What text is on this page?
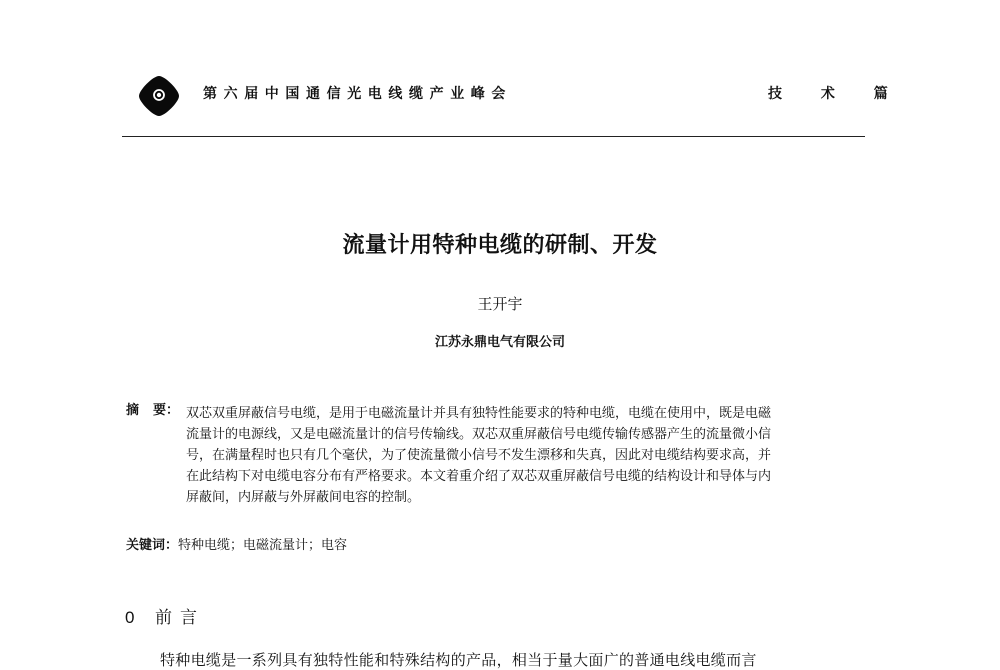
第六届中国通信光电线缆产业峰会	技 术 篇
流量计用特种电缆的研制、开发
王开宇
江苏永鼎电气有限公司
摘 要： 双芯双重屏蔽信号电缆，是用于电磁流量计并具有独特性能要求的特种电缆，电缆在使用中，既是电磁
流量计的电源线，又是电磁流量计的信号传输线。双芯双重屏蔽信号电缆传输传感器产生的流量微小信
号，在满量程时也只有几个毫伏，为了使流量微小信号不发生漂移和失真，因此对电缆结构要求高，并
在此结构下对电缆电容分布有严格要求。本文着重介绍了双芯双重屏蔽信号电缆的结构设计和导体与内
屏蔽间，内屏蔽与外屏蔽间电容的控制。
关键词：特种电缆；电磁流量计；电容
0 前言
特种电缆是一系列具有独特性能和特殊结构的产品，相当于量大面广的普通电线电缆而言
